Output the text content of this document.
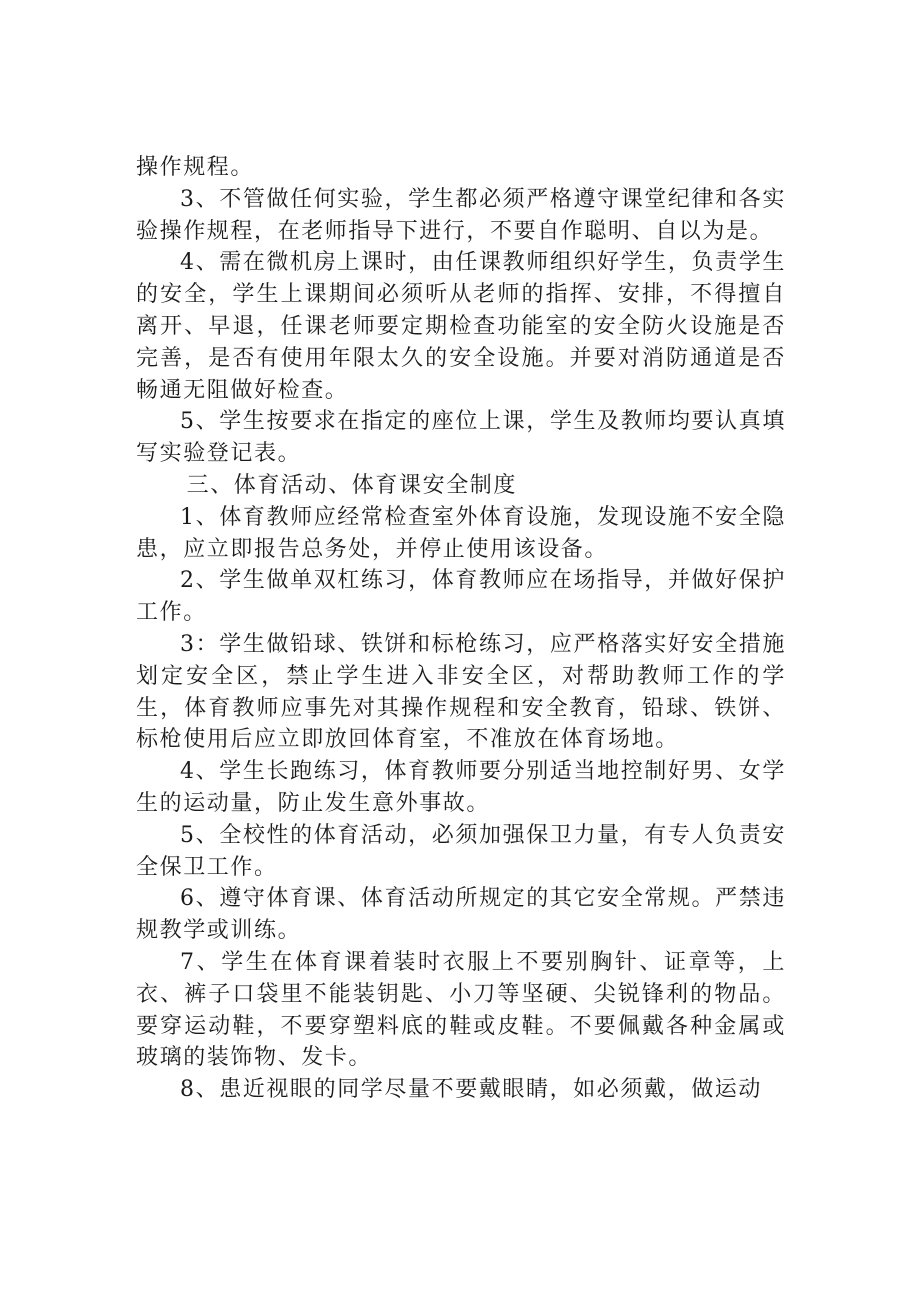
操作规程。

3、不管做任何实验，学生都必须严格遵守课堂纪律和各实验操作规程，在老师指导下进行，不要自作聪明、自以为是。

4、需在微机房上课时，由任课教师组织好学生，负责学生的安全，学生上课期间必须听从老师的指挥、安排，不得擅自离开、早退，任课老师要定期检查功能室的安全防火设施是否完善，是否有使用年限太久的安全设施。并要对消防通道是否畅通无阻做好检查。

5、学生按要求在指定的座位上课，学生及教师均要认真填写实验登记表。

三、体育活动、体育课安全制度

1、体育教师应经常检查室外体育设施，发现设施不安全隐患，应立即报告总务处，并停止使用该设备。

2、学生做单双杠练习，体育教师应在场指导，并做好保护工作。

3：学生做铅球、铁饼和标枪练习，应严格落实好安全措施划定安全区，禁止学生进入非安全区，对帮助教师工作的学生，体育教师应事先对其操作规程和安全教育，铅球、铁饼、标枪使用后应立即放回体育室，不准放在体育场地。

4、学生长跑练习，体育教师要分别适当地控制好男、女学生的运动量，防止发生意外事故。

5、全校性的体育活动，必须加强保卫力量，有专人负责安全保卫工作。

6、遵守体育课、体育活动所规定的其它安全常规。严禁违规教学或训练。

7、学生在体育课着装时衣服上不要别胸针、证章等，上衣、裤子口袋里不能装钥匙、小刀等坚硬、尖锐锋利的物品。要穿运动鞋，不要穿塑料底的鞋或皮鞋。不要佩戴各种金属或玻璃的装饰物、发卡。

8、患近视眼的同学尽量不要戴眼睛，如必须戴，做运动
